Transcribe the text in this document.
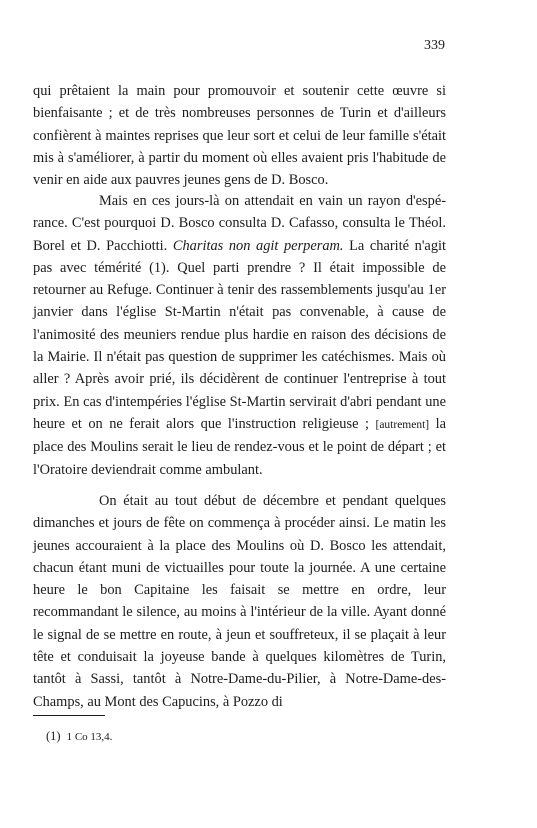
339

qui prêtaient la main pour promouvoir et soutenir cette œuvre si bienfaisante ; et de très nombreuses personnes de Turin et d'ailleurs confièrent à maintes reprises que leur sort et celui de leur famille s'était mis à s'améliorer, à partir du moment où elles avaient pris l'habitude de venir en aide aux pauvres jeunes gens de D. Bosco.

Mais en ces jours-là on attendait en vain un rayon d'espérance. C'est pourquoi D. Bosco consulta D. Cafasso, consulta le Théol. Borel et D. Pacchiotti. Charitas non agit perperam. La charité n'agit pas avec témérité (1). Quel parti prendre ? Il était impossible de retourner au Refuge. Continuer à tenir des rassemblements jusqu'au 1er janvier dans l'église St-Martin n'était pas convenable, à cause de l'animosité des meuniers rendue plus hardie en raison des décisions de la Mairie. Il n'était pas question de supprimer les catéchismes. Mais où aller ? Après avoir prié, ils décidèrent de continuer l'entreprise à tout prix. En cas d'intempéries l'église St-Martin servirait d'abri pendant une heure et on ne ferait alors que l'instruction religieuse ; [autrement] la place des Moulins serait le lieu de rendez-vous et le point de départ ; et l'Oratoire deviendrait comme ambulant.

On était au tout début de décembre et pendant quelques dimanches et jours de fête on commença à procéder ainsi. Le matin les jeunes accouraient à la place des Moulins où D. Bosco les attendait, chacun étant muni de victuailles pour toute la journée. A une certaine heure le bon Capitaine les faisait se mettre en ordre, leur recommandant le silence, au moins à l'intérieur de la ville. Ayant donné le signal de se mettre en route, à jeun et souffreteux, il se plaçait à leur tête et conduisait la joyeuse bande à quelques kilomètres de Turin, tantôt à Sassi, tantôt à Notre-Dame-du-Pilier, à Notre-Dame-des-Champs, au Mont des Capucins, à Pozzo di

(1) 1 Co 13,4.
